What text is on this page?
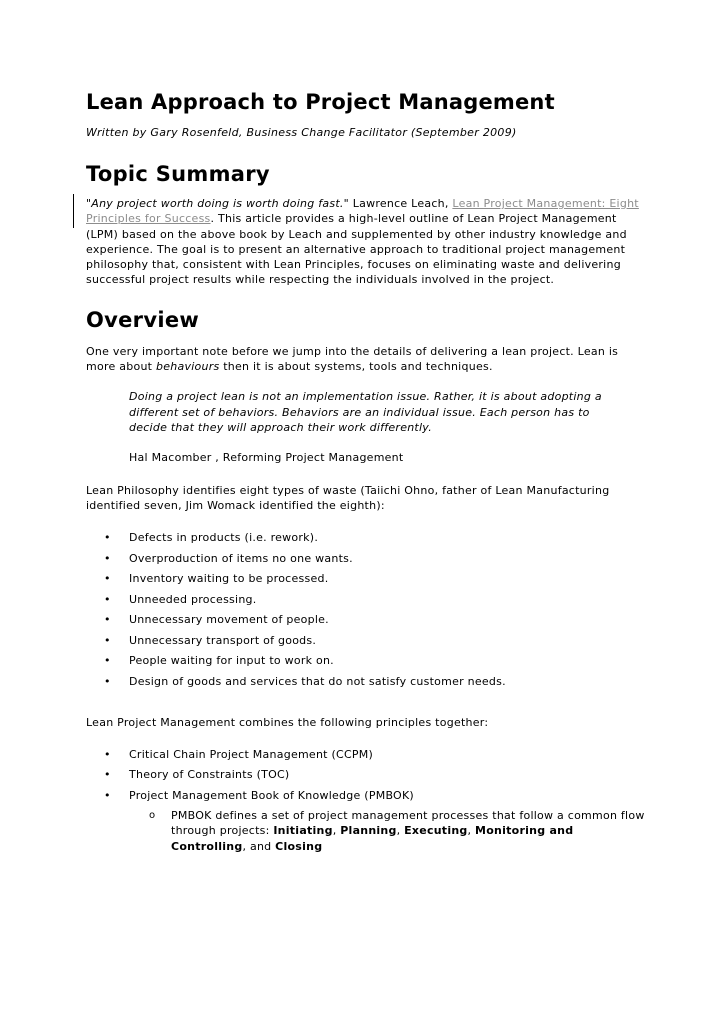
Lean Approach to Project Management

Written by Gary Rosenfeld, Business Change Facilitator (September 2009)

Topic Summary

"Any project worth doing is worth doing fast." Lawrence Leach, Lean Project Management: Eight Principles for Success. This article provides a high-level outline of Lean Project Management (LPM) based on the above book by Leach and supplemented by other industry knowledge and experience. The goal is to present an alternative approach to traditional project management philosophy that, consistent with Lean Principles, focuses on eliminating waste and delivering successful project results while respecting the individuals involved in the project.

Overview

One very important note before we jump into the details of delivering a lean project. Lean is more about behaviours then it is about systems, tools and techniques.

Doing a project lean is not an implementation issue. Rather, it is about adopting a different set of behaviors. Behaviors are an individual issue. Each person has to decide that they will approach their work differently.

Hal Macomber , Reforming Project Management

Lean Philosophy identifies eight types of waste (Taiichi Ohno, father of Lean Manufacturing identified seven, Jim Womack identified the eighth):

• Defects in products (i.e. rework).
• Overproduction of items no one wants.
• Inventory waiting to be processed.
• Unneeded processing.
• Unnecessary movement of people.
• Unnecessary transport of goods.
• People waiting for input to work on.
• Design of goods and services that do not satisfy customer needs.

Lean Project Management combines the following principles together:

• Critical Chain Project Management (CCPM)
• Theory of Constraints (TOC)
• Project Management Book of Knowledge (PMBOK)
o PMBOK defines a set of project management processes that follow a common flow through projects: Initiating, Planning, Executing, Monitoring and Controlling, and Closing
